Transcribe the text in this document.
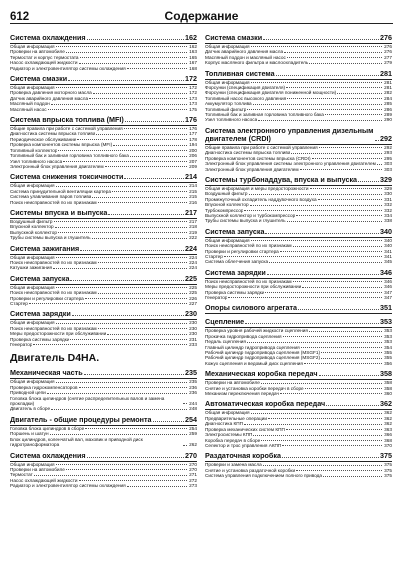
612	Содержание
Система охлаждения	162
Общая информация	162
Проверки на автомобиле	163
Термостат и корпус термостата	165
Насос охлаждающей жидкости	167
Радиатор и электровентилятор системы охлаждения	168
Система смазки	172
Общая информация	172
Проверка давления моторного масла	172
Датчик аварийного давления масла	173
Масляный поддон	173
Масляный насос	175
Система впрыска топлива (MFI)	176
Общие правила при работе с системой управления	176
Диагностика системы впрыска топлива	177
Периодическое обслуживание	178
Проверка компонентов системы впрыска (MFI)	194
Топливный коллектор	200
Топливный бак и заливная горловина топливного бака	206
Узел топливного насоса	207
Электронный блок управления двигателем	209
Система снижения токсичности	214
Общая информация	214
Система принудительной вентиляции картера	215
Система улавливания паров топлива	215
Поиск неисправностей по их признакам	216
Системы впуска и выпуска	217
Воздушный фильтр	217
Впускной коллектор	218
Выпускной коллектор	219
Трубы системы выпуска и глушитель	222
Система зажигания	224
Общая информация	224
Поиск неисправностей по их признакам	224
Катушки зажигания	224
Система запуска	225
Общая информация	225
Поиск неисправностей по их признакам	225
Проверки и регулировки стартера	226
Стартер	227
Система зарядки	230
Общая информация	230
Поиск неисправностей по их признакам	230
Меры предосторожности при обслуживании	230
Проверка системы зарядки	231
Генератор	233
Двигатель D4HA.
Механическая часть	235
Общая информация	235
Проверка гидрокомпенсаторов	236
Приводной цепи	236
Головка блока цилиндров (снятие распределительных валов и замена прокладки)	244
Двигатель в сборе	248
Двигатель - общие процедуры ремонта	254
Головка блока цилиндров в сборе	254
Поршень и шатун	259
Блок цилиндров, коленчатый вал, маховик и приводной диск гидротрансформатора	262
Система охлаждения	270
Общая информация	270
Проверки на автомобиле	270
Термостат	271
Насос охлаждающей жидкости	272
Радиатор и электровентилятор системы охлаждения	273
Система смазки	276
Общая информация	276
Датчик аварийного давления масла	276
Масляный поддон и масляный насос	277
Корпус масляного фильтра и маслоохладитель	279
Топливная система	281
Общая информация	281
Форсунки (спецификация двигателя)	281
Форсунки (спецификация двигателя пониженной мощности)	282
Топливный насос высокого давления	284
Аккумулятор топлива	285
Топливный фильтр	286
Топливный бак и заливная горловина топливного бака	289
Узел топливного насоса	290
Система электронного управления дизельным двигателем (CRDI)	292
Общие правила при работе с системой управления	292
Диагностика системы впрыска топлива	293
Проверка компонентов системы впрыска (CRDI)	295
Электронный блок управления системы электронного управления двигателем 303
Электронный блок управления двигателем	303
Системы турбонаддува, впуска и выпуска	329
Общая информация и меры предосторожности	329
Воздушный фильтр	330
Промежуточный охладитель наддувочного воздуха	331
Впускной коллектор	332
Турбокомпрессор	332
Выпускной коллектор и турбокомпрессор	334
Трубы системы выпуска и глушитель	338
Система запуска	340
Общая информация	340
Поиск неисправностей по их признакам	340
Проверки и регулировки стартера	341
Стартер	341
Система облегчения запуска	345
Система зарядки	346
Поиск неисправностей по их признакам	346
Меры предосторожности при обслуживании	346
Проверка системы зарядки	347
Генератор	347
Опоры силового агрегата	351
Сцепление	353
Проверка уровня рабочей жидкости сцепления	353
Прокачка гидропривода сцепления	353
Педаль сцепления	353
Главный цилиндр гидропривода сцепления	354
Рабочий цилиндр гидропривода сцепления (MSGF1)	355
Рабочий цилиндр гидропривода сцепления (MSGF2)	355
Кожух сцепления и ведомый диск сцепления	356
Механическая коробка передач	358
Проверки на автомобиле	358
Снятие и установка коробки передач в сборе	358
Механизм переключения передач	360
Автоматическая коробка передач	362
Общая информация	362
Предварительные операции	362
Диагностика КПП	362
Проверка механических систем КПП	363
Электросистемы КПП	366
Коробка передач в сборе	368
Селектор и трос управления АКПП	370
Раздаточная коробка	375
Проверки и замена масла	375
Снятие и установка раздаточной коробки	375
Система управления подключением полного привода	375
